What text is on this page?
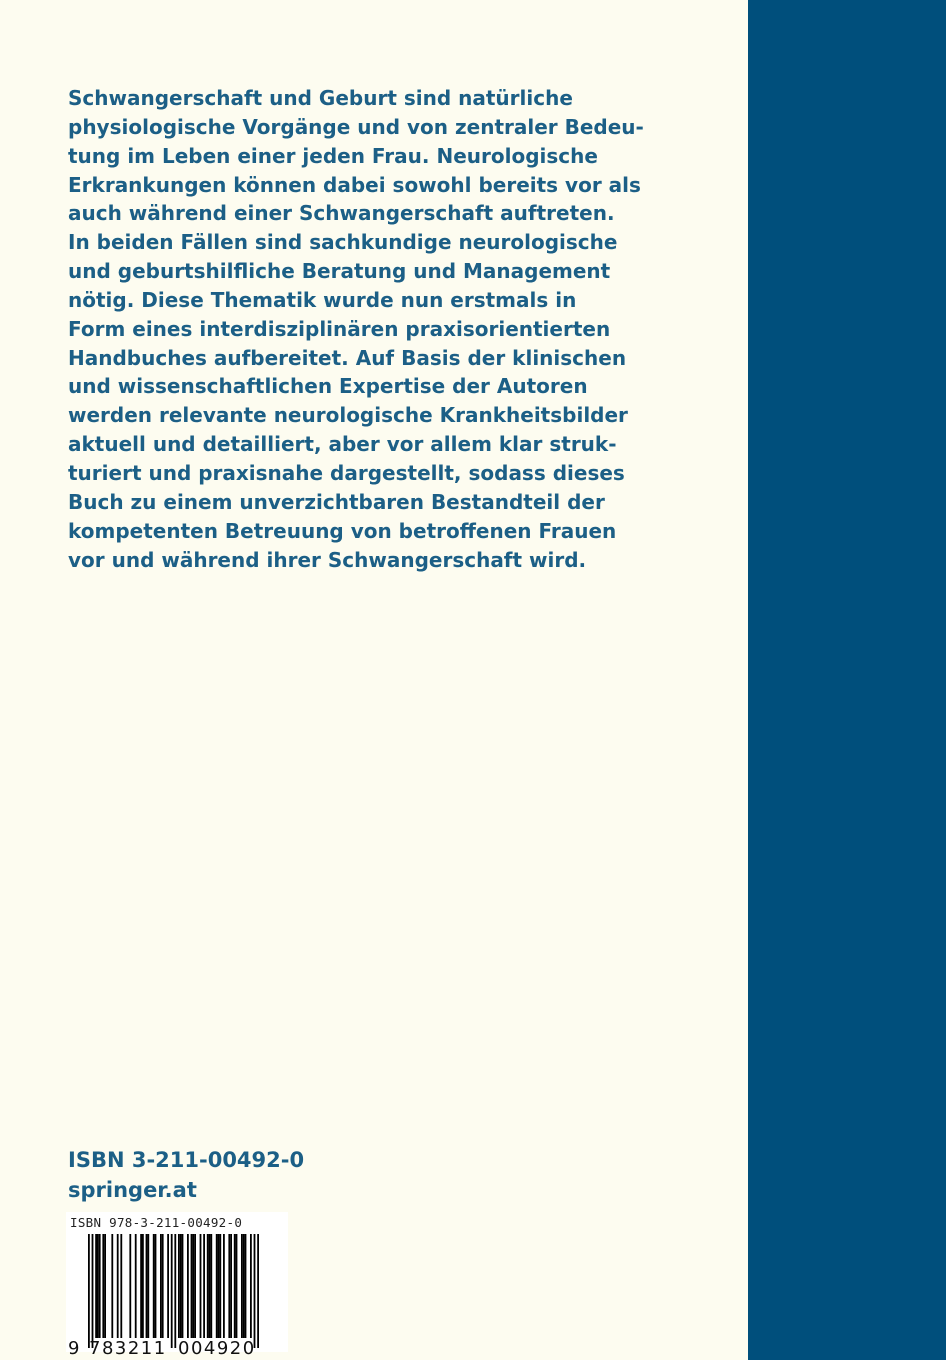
Schwangerschaft und Geburt sind natürliche
physiologische Vorgänge und von zentraler Bedeu-
tung im Leben einer jeden Frau. Neurologische
Erkrankungen können dabei sowohl bereits vor als
auch während einer Schwangerschaft auftreten.
In beiden Fällen sind sachkundige neurologische
und geburtshilfliche Beratung und Management
nötig. Diese Thematik wurde nun erstmals in
Form eines interdisziplinären praxisorientierten
Handbuches aufbereitet. Auf Basis der klinischen
und wissenschaftlichen Expertise der Autoren
werden relevante neurologische Krankheitsbilder
aktuell und detailliert, aber vor allem klar struk-
turiert und praxisnahe dargestellt, sodass dieses
Buch zu einem unverzichtbaren Bestandteil der
kompetenten Betreuung von betroffenen Frauen
vor und während ihrer Schwangerschaft wird.
ISBN 3-211-00492-0
springer.at
ISBN 978-3-211-00492-0
9 783211 004920
